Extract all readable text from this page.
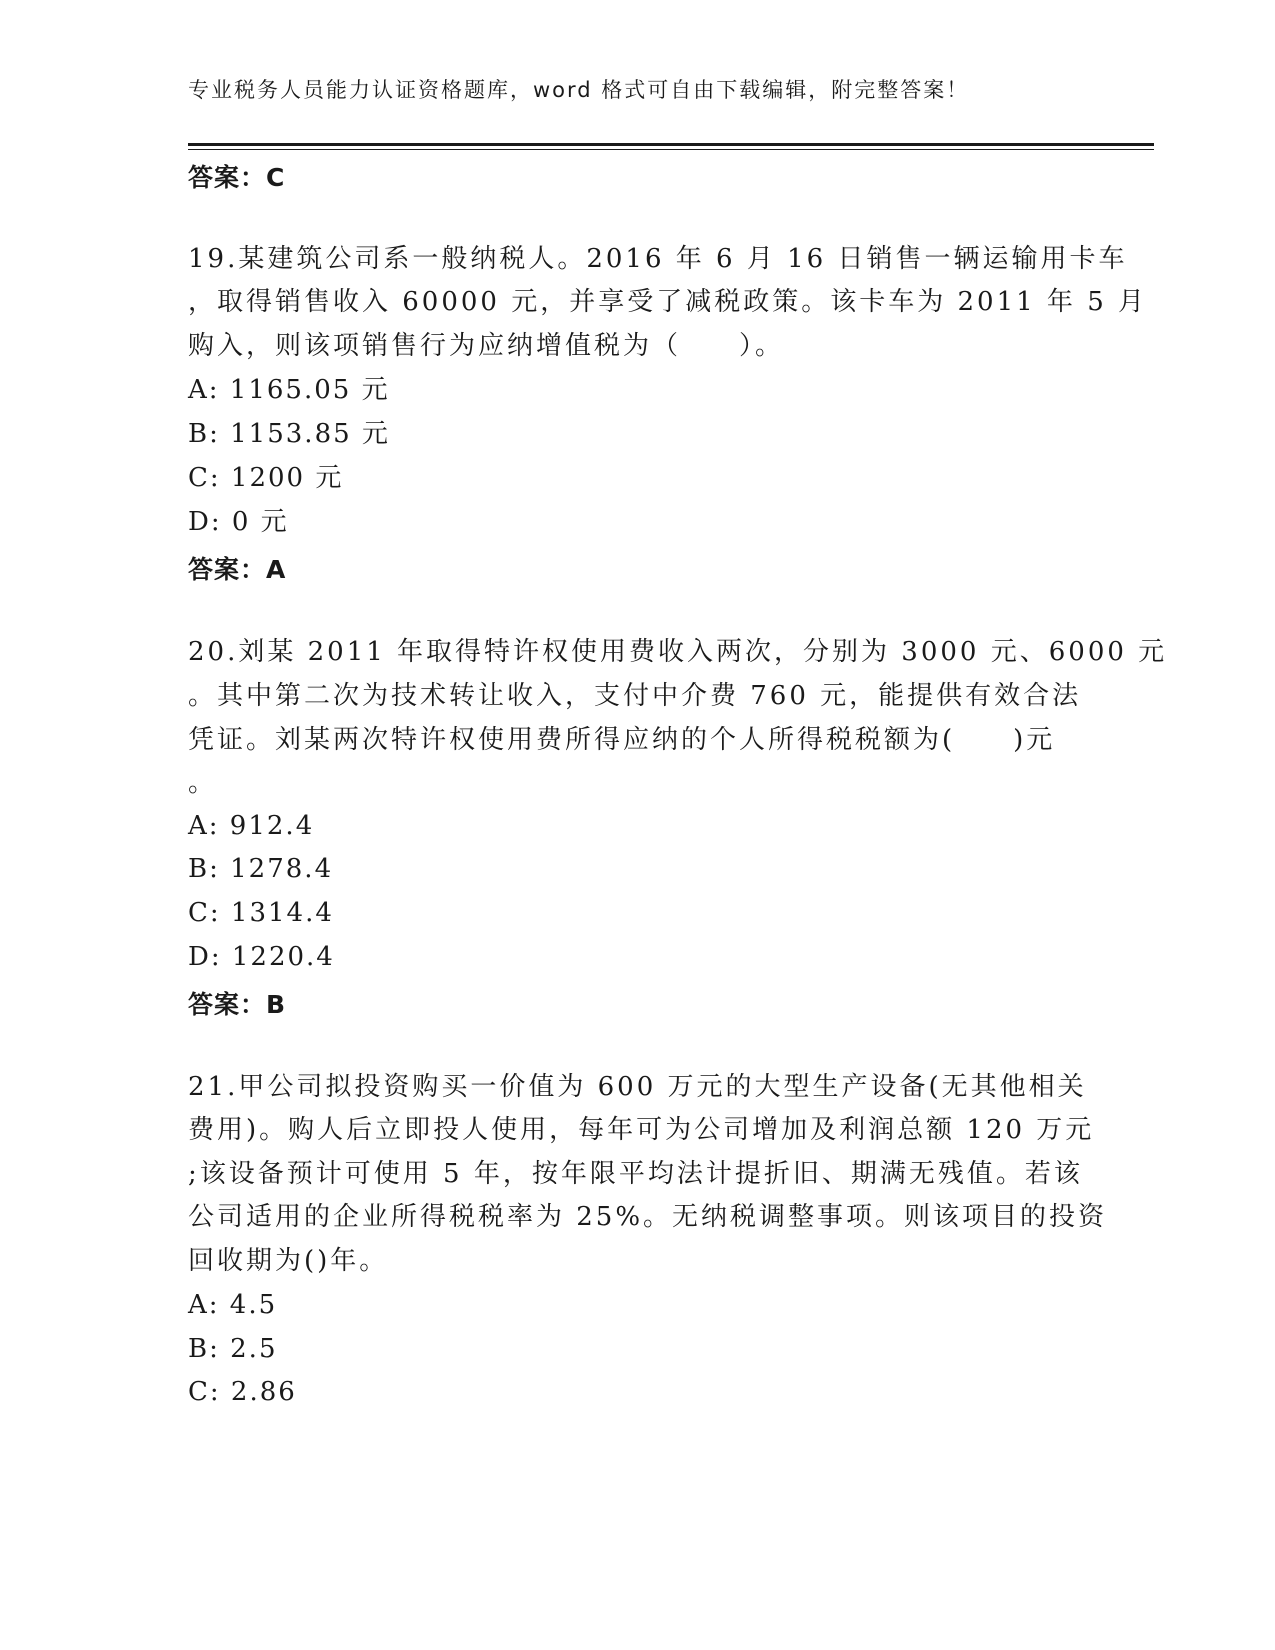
专业税务人员能力认证资格题库，word 格式可自由下载编辑，附完整答案！
答案：C
19.某建筑公司系一般纳税人。2016 年 6 月 16 日销售一辆运输用卡车
，取得销售收入 60000 元，并享受了减税政策。该卡车为 2011 年 5 月
购入，则该项销售行为应纳增值税为（　　）。
A: 1165.05 元
B: 1153.85 元
C: 1200 元
D: 0 元
答案：A
20.刘某 2011 年取得特许权使用费收入两次，分别为 3000 元、6000 元
。其中第二次为技术转让收入，支付中介费 760 元，能提供有效合法
凭证。刘某两次特许权使用费所得应纳的个人所得税税额为(　　)元
。
A: 912.4
B: 1278.4
C: 1314.4
D: 1220.4
答案：B
21.甲公司拟投资购买一价值为 600 万元的大型生产设备(无其他相关
费用)。购人后立即投人使用，每年可为公司增加及利润总额 120 万元
;该设备预计可使用 5 年，按年限平均法计提折旧、期满无残值。若该
公司适用的企业所得税税率为 25%。无纳税调整事项。则该项目的投资
回收期为()年。
A: 4.5
B: 2.5
C: 2.86
